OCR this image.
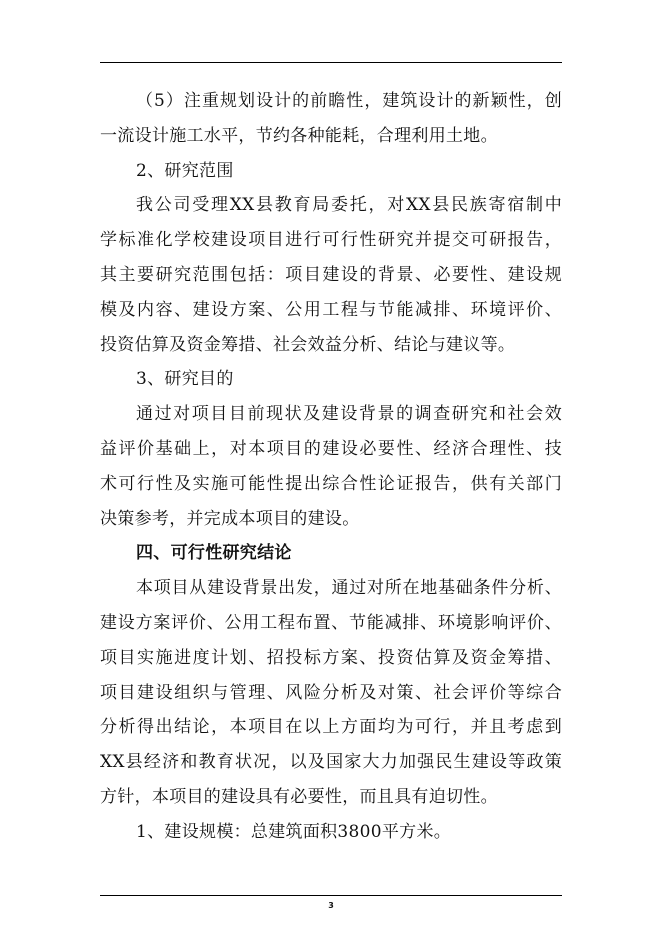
（5）注重规划设计的前瞻性，建筑设计的新颖性，创
一流设计施工水平，节约各种能耗，合理利用土地。
2、研究范围
我公司受理XX县教育局委托，对XX县民族寄宿制中
学标准化学校建设项目进行可行性研究并提交可研报告，
其主要研究范围包括：项目建设的背景、必要性、建设规
模及内容、建设方案、公用工程与节能减排、环境评价、
投资估算及资金筹措、社会效益分析、结论与建议等。
3、研究目的
通过对项目目前现状及建设背景的调查研究和社会效
益评价基础上，对本项目的建设必要性、经济合理性、技
术可行性及实施可能性提出综合性论证报告，供有关部门
决策参考，并完成本项目的建设。
四、可行性研究结论
本项目从建设背景出发，通过对所在地基础条件分析、
建设方案评价、公用工程布置、节能减排、环境影响评价、
项目实施进度计划、招投标方案、投资估算及资金筹措、
项目建设组织与管理、风险分析及对策、社会评价等综合
分析得出结论，本项目在以上方面均为可行，并且考虑到
XX县经济和教育状况，以及国家大力加强民生建设等政策
方针，本项目的建设具有必要性，而且具有迫切性。
1、建设规模：总建筑面积3800平方米。
3
